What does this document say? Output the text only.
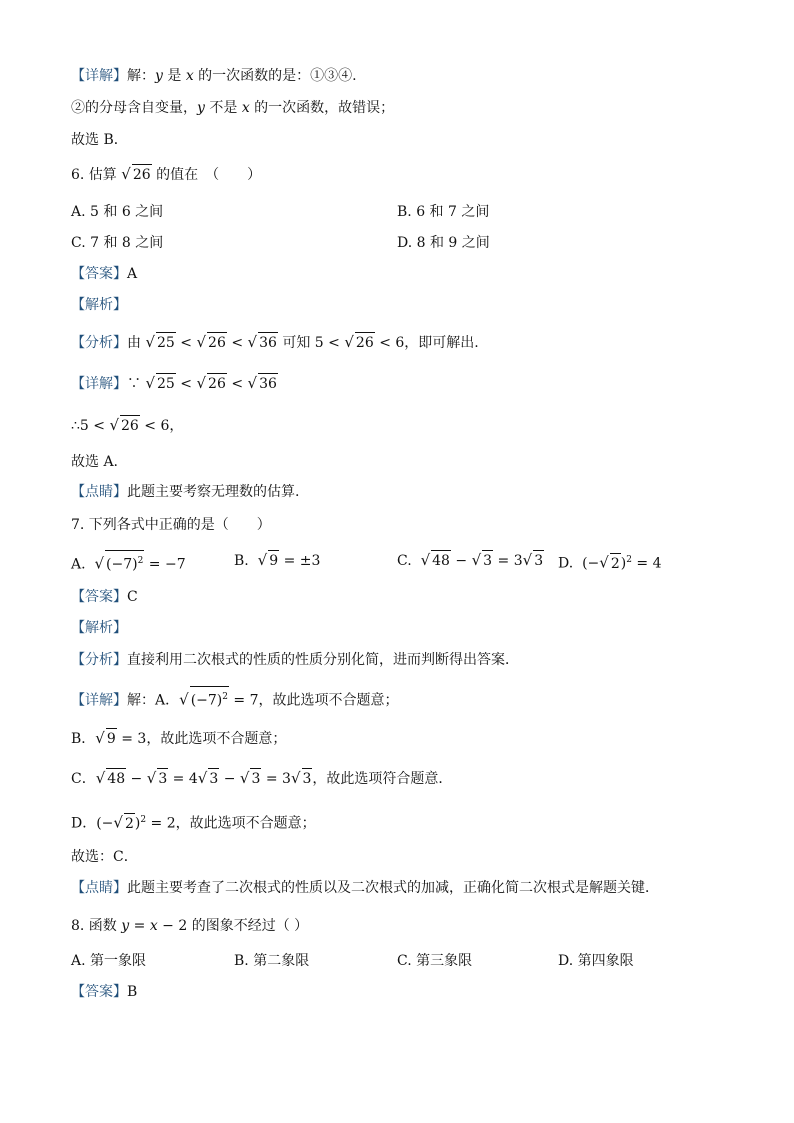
【详解】解：y 是 x 的一次函数的是：①③④.
②的分母含自变量，y 不是 x 的一次函数，故错误；
故选 B．
6. 估算 √ 26 的值在　（　　）
A. 5 和 6 之间	B. 6 和 7 之间
C. 7 和 8 之间	D. 8 和 9 之间
【答案】A
【解析】
【分析】由 √ 25 < √ 26 < √ 36 可知 5 < √ 26 < 6，即可解出.
【详解】∵ √ 25 < √ 26 < √ 36
∴5 < √ 26 < 6，
故选 A.
【点睛】此题主要考察无理数的估算.
7. 下列各式中正确的是（　　）
A.  √ $(-7)^2 = -7$	B.  √ 9 = ±3	C.  √ 48 − √ 3 = 3√ 3 D.  (−√ 2)$^2$ = 4
【答案】C
【解析】
【分析】直接利用二次根式的性质的性质分别化简，进而判断得出答案．
【详解】解：A．√ $(-7)^2 = 7$，故此选项不合题意；
B．√ 9 = 3，故此选项不合题意；
C．√ 48 − √ 3 = 4√ 3 − √ 3 = 3√ 3，故此选项符合题意．
D．(−√ 2)$^2$ = 2，故此选项不合题意；
故选：C．
【点睛】此题主要考查了二次根式的性质以及二次根式的加减，正确化简二次根式是解题关键．
8. 函数 y = x − 2 的图象不经过（ ）
A. 第一象限	B. 第二象限	C. 第三象限	D. 第四象限
【答案】B
